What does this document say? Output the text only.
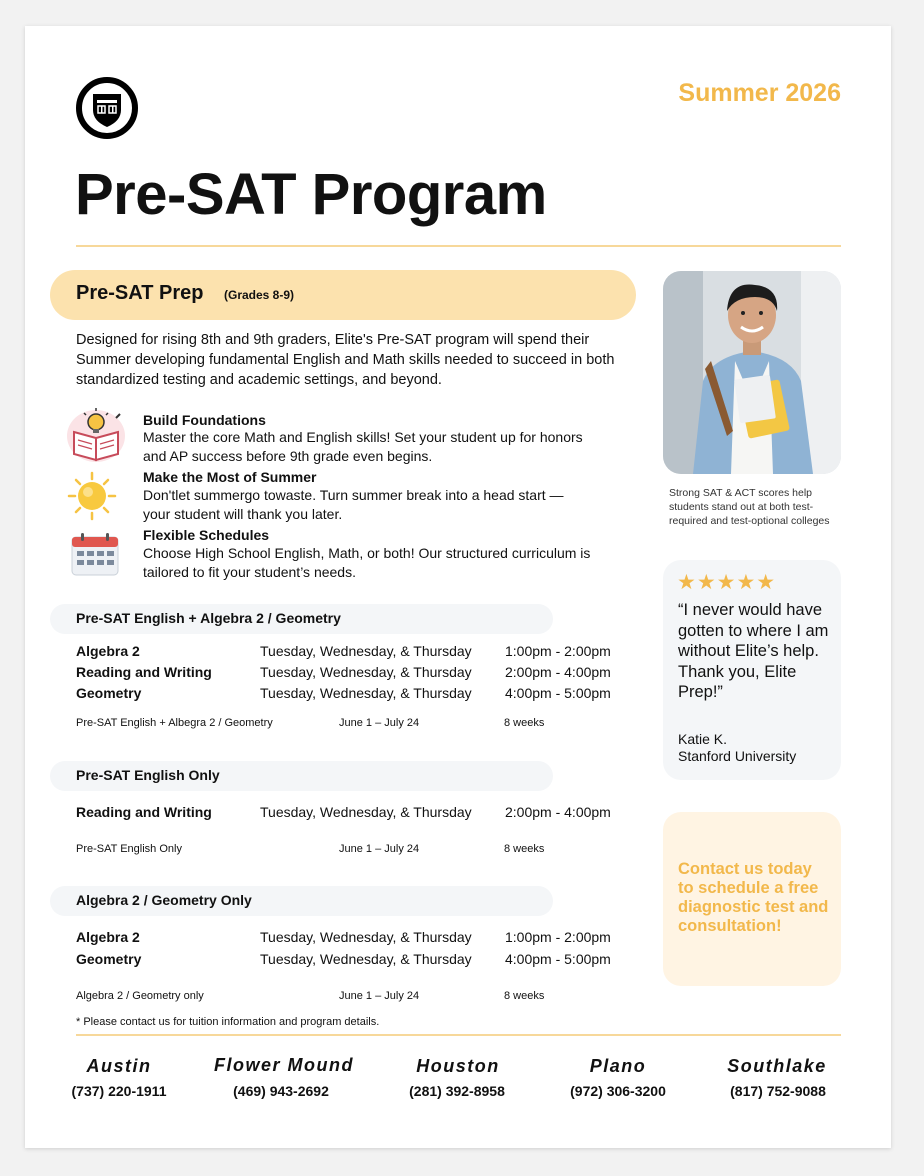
Summer 2026
Pre-SAT Program
Pre-SAT Prep (Grades 8-9)
Designed for rising 8th and 9th graders, Elite's Pre-SAT program will spend their Summer developing fundamental English and Math skills needed to succeed in both standardized testing and academic settings, and beyond.
Build Foundations
Master the core Math and English skills! Set your student up for honors and AP success before 9th grade even begins.
Make the Most of Summer
Don'tlet summergo towaste. Turn summer break into a head start — your student will thank you later.
Flexible Schedules
Choose High School English, Math, or both! Our structured curriculum is tailored to fit your student’s needs.
Pre-SAT English + Algebra 2 / Geometry
Algebra 2	Tuesday, Wednesday, & Thursday 1:00pm - 2:00pm
Reading and Writing	Tuesday, Wednesday, & Thursday 2:00pm - 4:00pm
Geometry	Tuesday, Wednesday, & Thursday 4:00pm - 5:00pm
Pre-SAT English + Albegra 2 / Geometry	June 1 – July 24	8 weeks
Pre-SAT English Only
Reading and Writing	Tuesday, Wednesday, & Thursday 2:00pm - 4:00pm
Pre-SAT English Only	June 1 – July 24	8 weeks
Algebra 2 / Geometry Only
Algebra 2	Tuesday, Wednesday, & Thursday 1:00pm - 2:00pm
Geometry	Tuesday, Wednesday, & Thursday 4:00pm - 5:00pm
Algebra 2 / Geometry only	June 1 – July 24	8 weeks
* Please contact us for tuition information and program details.
Strong SAT & ACT scores help students stand out at both test-required and test-optional colleges
★★★★★
“I never would have gotten to where I am without Elite’s help. Thank you, Elite Prep!”
Katie K.
Stanford University
Contact us today to schedule a free diagnostic test and consultation!
Austin
(737) 220-1911
Flower Mound
(469) 943-2692
Houston
(281) 392-8958
Plano
(972) 306-3200
Southlake
(817) 752-9088
